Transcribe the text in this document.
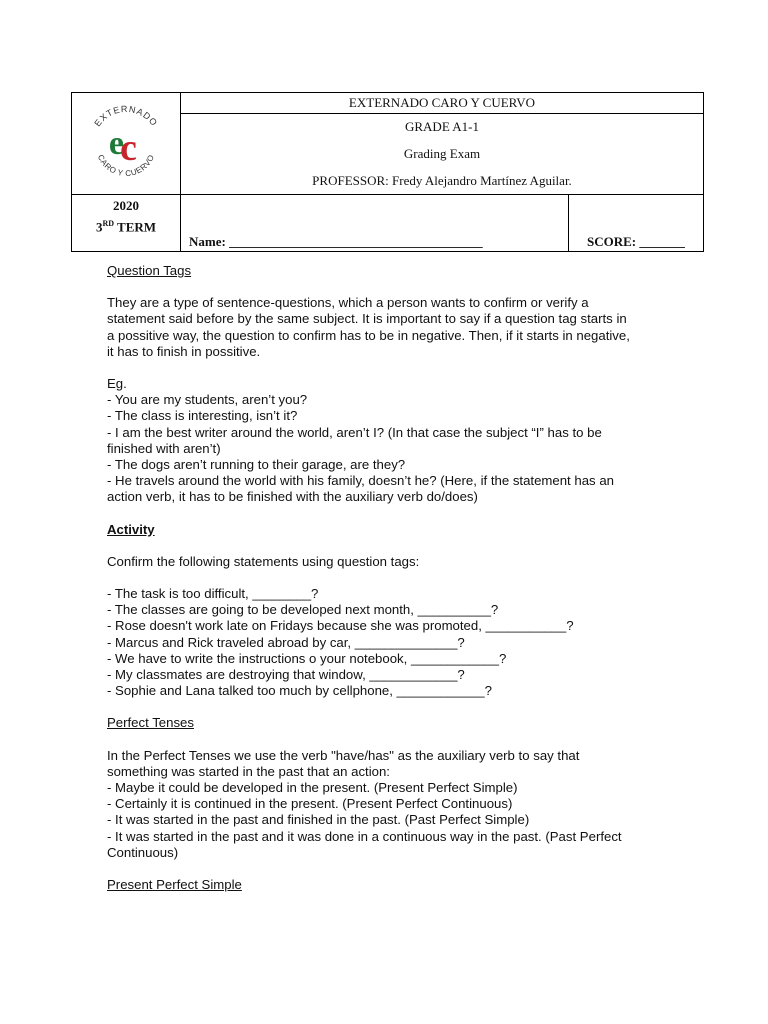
EXTERNADO
CARO Y CUERVO
e
c	EXTERNADO CARO Y CUERVO	

	GRADE A1-1
Grading Exam
PROFESSOR: Fredy Alejandro Martínez Aguilar.	

2020
3RD TERM	Name: _______________________________________	SCORE: _______

Question Tags

They are a type of sentence-questions, which a person wants to confirm or verify a

statement said before by the same subject. It is important to say if a question tag starts in

a possitive way, the question to confirm has to be in negative. Then, if it starts in negative,

it has to finish in possitive.

Eg.

- You are my students, aren’t you?

- The class is interesting, isn’t it?

- I am the best writer around the world, aren’t I? (In that case the subject “I” has to be

finished with aren’t)

- The dogs aren’t running to their garage, are they?

- He travels around the world with his family, doesn’t he? (Here, if the statement has an

action verb, it has to be finished with the auxiliary verb do/does)

Activity

Confirm the following statements using question tags:

- The task is too difficult, ________?

- The classes are going to be developed next month, __________?

- Rose doesn't work late on Fridays because she was promoted, ___________?

- Marcus and Rick traveled abroad by car, ______________?

- We have to write the instructions o your notebook, ____________?

- My classmates are destroying that window, ____________?

- Sophie and Lana talked too much by cellphone, ____________?

Perfect Tenses

In the Perfect Tenses we use the verb "have/has" as the auxiliary verb to say that

something was started in the past that an action:

- Maybe it could be developed in the present. (Present Perfect Simple)

- Certainly it is continued in the present. (Present Perfect Continuous)

- It was started in the past and finished in the past. (Past Perfect Simple)

- It was started in the past and it was done in a continuous way in the past. (Past Perfect

Continuous)

Present Perfect Simple
